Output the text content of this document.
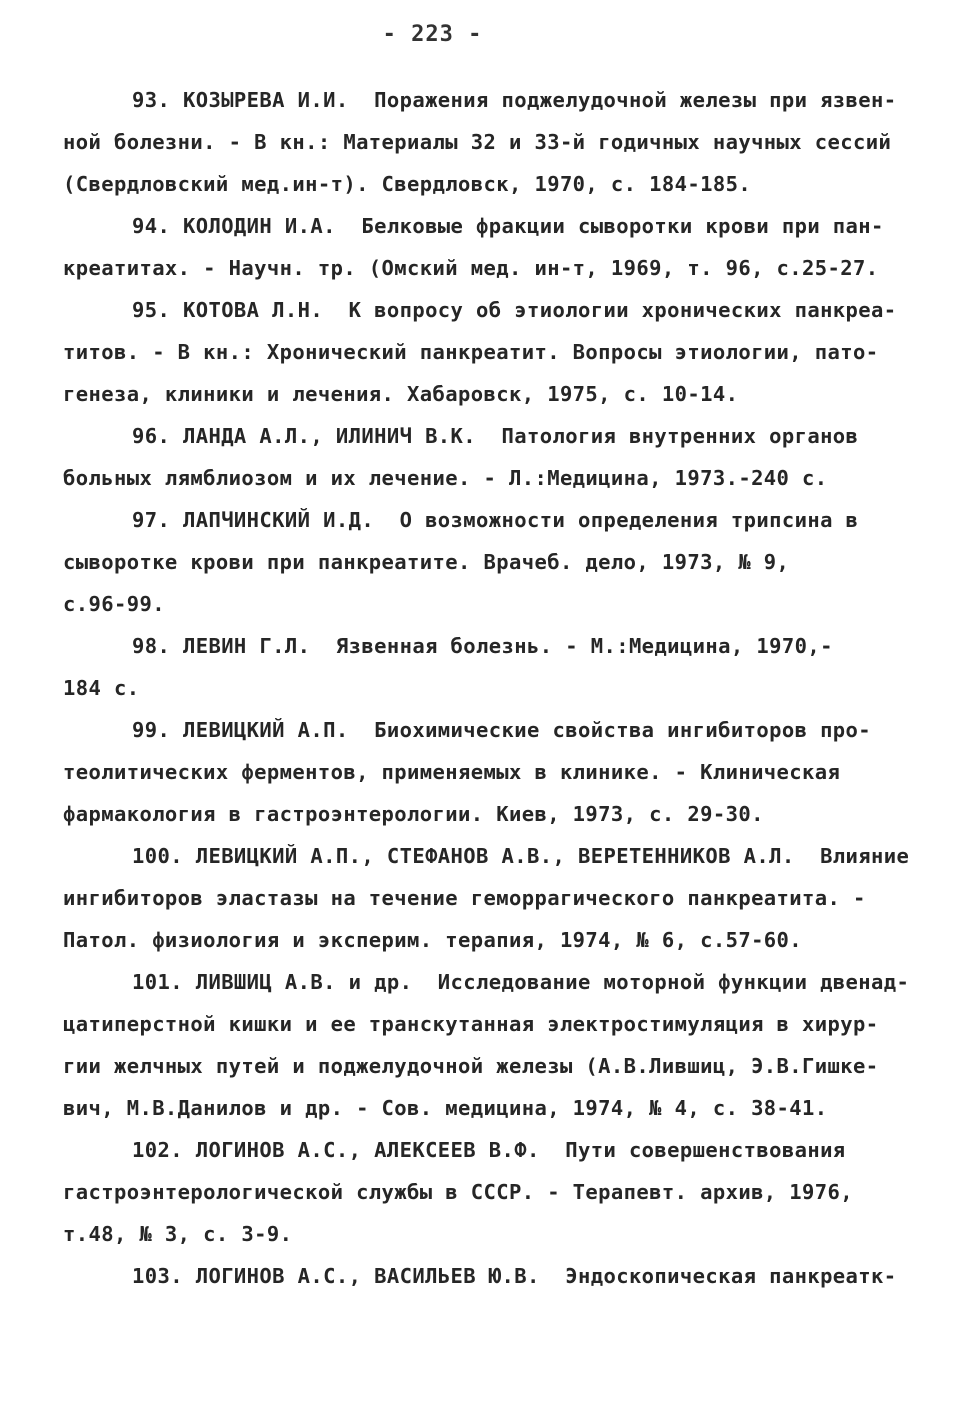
- 223 -
93. КОЗЫРЕВА И.И.  Поражения поджелудочной железы при язвен-
ной болезни. - В кн.: Материалы 32 и 33-й годичных научных сессий
(Свердловский мед.ин-т). Свердловск, 1970, с. 184-185.
94. КОЛОДИН И.А.  Белковые фракции сыворотки крови при пан-
креатитах. - Научн. тр. (Омский мед. ин-т, 1969, т. 96, с.25-27.
95. КОТОВА Л.Н.  К вопросу об этиологии хронических панкреа-
титов. - В кн.: Хронический панкреатит. Вопросы этиологии, пато-
генеза, клиники и лечения. Хабаровск, 1975, с. 10-14.
96. ЛАНДА А.Л., ИЛИНИЧ В.К.  Патология внутренних органов
больных лямблиозом и их лечение. - Л.:Медицина, 1973.-240 с.
97. ЛАПЧИНСКИЙ И.Д.  О возможности определения трипсина в
сыворотке крови при панкреатите. Врачеб. дело, 1973, № 9,
с.96-99.
98. ЛЕВИН Г.Л.  Язвенная болезнь. - М.:Медицина, 1970,-
184 с.
99. ЛЕВИЦКИЙ А.П.  Биохимические свойства ингибиторов про-
теолитических ферментов, применяемых в клинике. - Клиническая
фармакология в гастроэнтерологии. Киев, 1973, с. 29-30.
100. ЛЕВИЦКИЙ А.П., СТЕФАНОВ А.В., ВЕРЕТЕННИКОВ А.Л.  Влияние
ингибиторов эластазы на течение геморрагического панкреатита. -
Патол. физиология и эксперим. терапия, 1974, № 6, с.57-60.
101. ЛИВШИЦ А.В. и др.  Исследование моторной функции двенад-
цатиперстной кишки и ее транскутанная электростимуляция в хирур-
гии желчных путей и поджелудочной железы (А.В.Лившиц, Э.В.Гишке-
вич, М.В.Данилов и др. - Сов. медицина, 1974, № 4, с. 38-41.
102. ЛОГИНОВ А.С., АЛЕКСЕЕВ В.Ф.  Пути совершенствования
гастроэнтерологической службы в СССР. - Терапевт. архив, 1976,
т.48, № 3, с. 3-9.
103. ЛОГИНОВ А.С., ВАСИЛЬЕВ Ю.В.  Эндоскопическая панкреатк-
